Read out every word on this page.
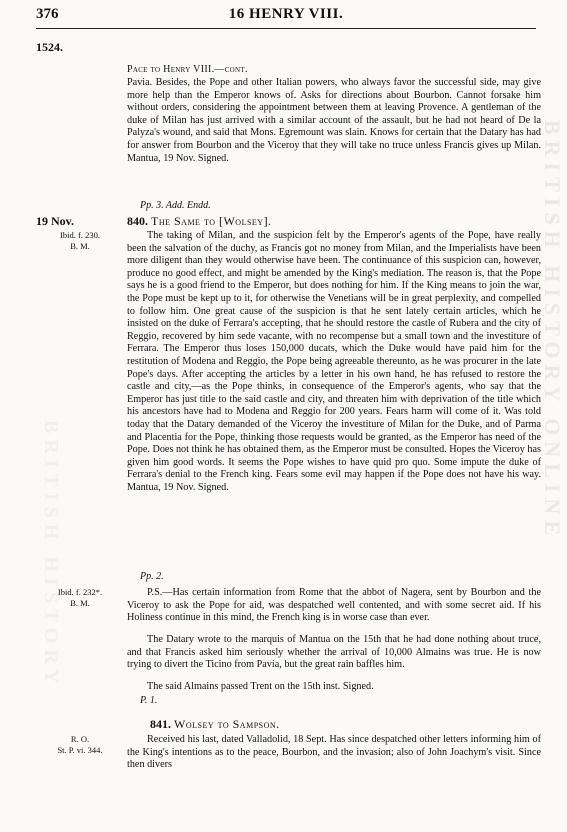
BRITISH HISTORY ONLINE
BRITISH HISTORY
376	16 HENRY VIII.
1524.
Pace to Henry VIII.—cont.
Pavia. Besides, the Pope and other Italian powers, who always favor the successful side, may give more help than the Emperor knows of. Asks for directions about Bourbon. Cannot forsake him without orders, considering the appointment between them at leaving Provence. A gentleman of the duke of Milan has just arrived with a similar account of the assault, but he had not heard of De la Palyza's wound, and said that Mons. Egremount was slain. Knows for certain that the Datary has had for answer from Bourbon and the Viceroy that they will take no truce unless Francis gives up Milan. Mantua, 19 Nov. Signed.
Pp. 3. Add. Endd.
19 Nov.	840. The Same to [Wolsey].
Ibid. f. 230.
B. M.
The taking of Milan, and the suspicion felt by the Emperor's agents of the Pope, have really been the salvation of the duchy, as Francis got no money from Milan, and the Imperialists have been more diligent than they would otherwise have been. The continuance of this suspicion can, however, produce no good effect, and might be amended by the King's mediation. The reason is, that the Pope says he is a good friend to the Emperor, but does nothing for him. If the King means to join the war, the Pope must be kept up to it, for otherwise the Venetians will be in great perplexity, and compelled to follow him. One great cause of the suspicion is that he sent lately certain articles, which he insisted on the duke of Ferrara's accepting, that he should restore the castle of Rubera and the city of Reggio, recovered by him sede vacante, with no recompense but a small town and the investiture of Ferrara. The Emperor thus loses 150,000 ducats, which the Duke would have paid him for the restitution of Modena and Reggio, the Pope being agreeable thereunto, as he was procurer in the late Pope's days. After accepting the articles by a letter in his own hand, he has refused to restore the castle and city,—as the Pope thinks, in consequence of the Emperor's agents, who say that the Emperor has just title to the said castle and city, and threaten him with deprivation of the title which his ancestors have had to Modena and Reggio for 200 years. Fears harm will come of it. Was told today that the Datary demanded of the Viceroy the investiture of Milan for the Duke, and of Parma and Placentia for the Pope, thinking those requests would be granted, as the Emperor has need of the Pope. Does not think he has obtained them, as the Emperor must be consulted. Hopes the Viceroy has given him good words. It seems the Pope wishes to have quid pro quo. Some impute the duke of Ferrara's denial to the French king. Fears some evil may happen if the Pope does not have his way. Mantua, 19 Nov. Signed.
Pp. 2.
Ibid. f. 232*.
B. M.
P.S.—Has certain information from Rome that the abbot of Nagera, sent by Bourbon and the Viceroy to ask the Pope for aid, was despatched well contented, and with some secret aid. If his Holiness continue in this mind, the French king is in worse case than ever.
The Datary wrote to the marquis of Mantua on the 15th that he had done nothing about truce, and that Francis asked him seriously whether the arrival of 10,000 Almains was true. He is now trying to divert the Ticino from Pavia, but the great rain baffles him.
The said Almains passed Trent on the 15th inst. Signed.
P. 1.
841. Wolsey to Sampson.
R. O.
St. P. vi. 344.
Received his last, dated Valladolid, 18 Sept. Has since despatched other letters informing him of the King's intentions as to the peace, Bourbon, and the invasion; also of John Joachym's visit. Since then divers
